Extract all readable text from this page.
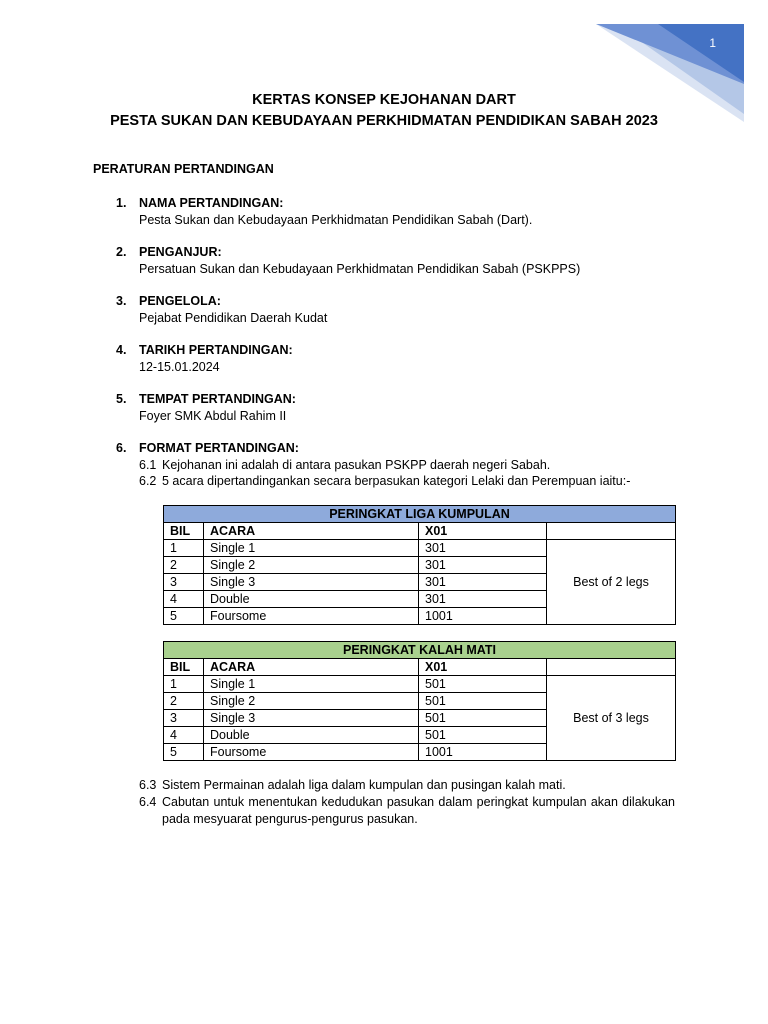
1
KERTAS KONSEP KEJOHANAN DART
PESTA SUKAN DAN KEBUDAYAAN PERKHIDMATAN PENDIDIKAN SABAH 2023
PERATURAN PERTANDINGAN
1. NAMA PERTANDINGAN:
Pesta Sukan dan Kebudayaan Perkhidmatan Pendidikan Sabah (Dart).
2. PENGANJUR:
Persatuan Sukan dan Kebudayaan Perkhidmatan Pendidikan Sabah (PSKPPS)
3. PENGELOLA:
Pejabat Pendidikan Daerah Kudat
4. TARIKH PERTANDINGAN:
12-15.01.2024
5. TEMPAT PERTANDINGAN:
Foyer SMK Abdul Rahim II
6. FORMAT PERTANDINGAN:
6.1 Kejohanan ini adalah di antara pasukan PSKPP daerah negeri Sabah.
6.2 5 acara dipertandingankan secara berpasukan kategori Lelaki dan Perempuan iaitu:-
PERINGKAT LIGA KUMPULAN			
BIL	ACARA	X01	
1	Single 1	301	Best of 2 legs
2	Single 2	301	
3	Single 3	301	
4	Double	301	
5	Foursome	1001	
PERINGKAT KALAH MATI			
BIL	ACARA	X01	
1	Single 1	501	Best of 3 legs
2	Single 2	501	
3	Single 3	501	
4	Double	501	
5	Foursome	1001	
6.3 Sistem Permainan adalah liga dalam kumpulan dan pusingan kalah mati.
6.4 Cabutan untuk menentukan kedudukan pasukan dalam peringkat kumpulan akan dilakukan pada mesyuarat pengurus-pengurus pasukan.
